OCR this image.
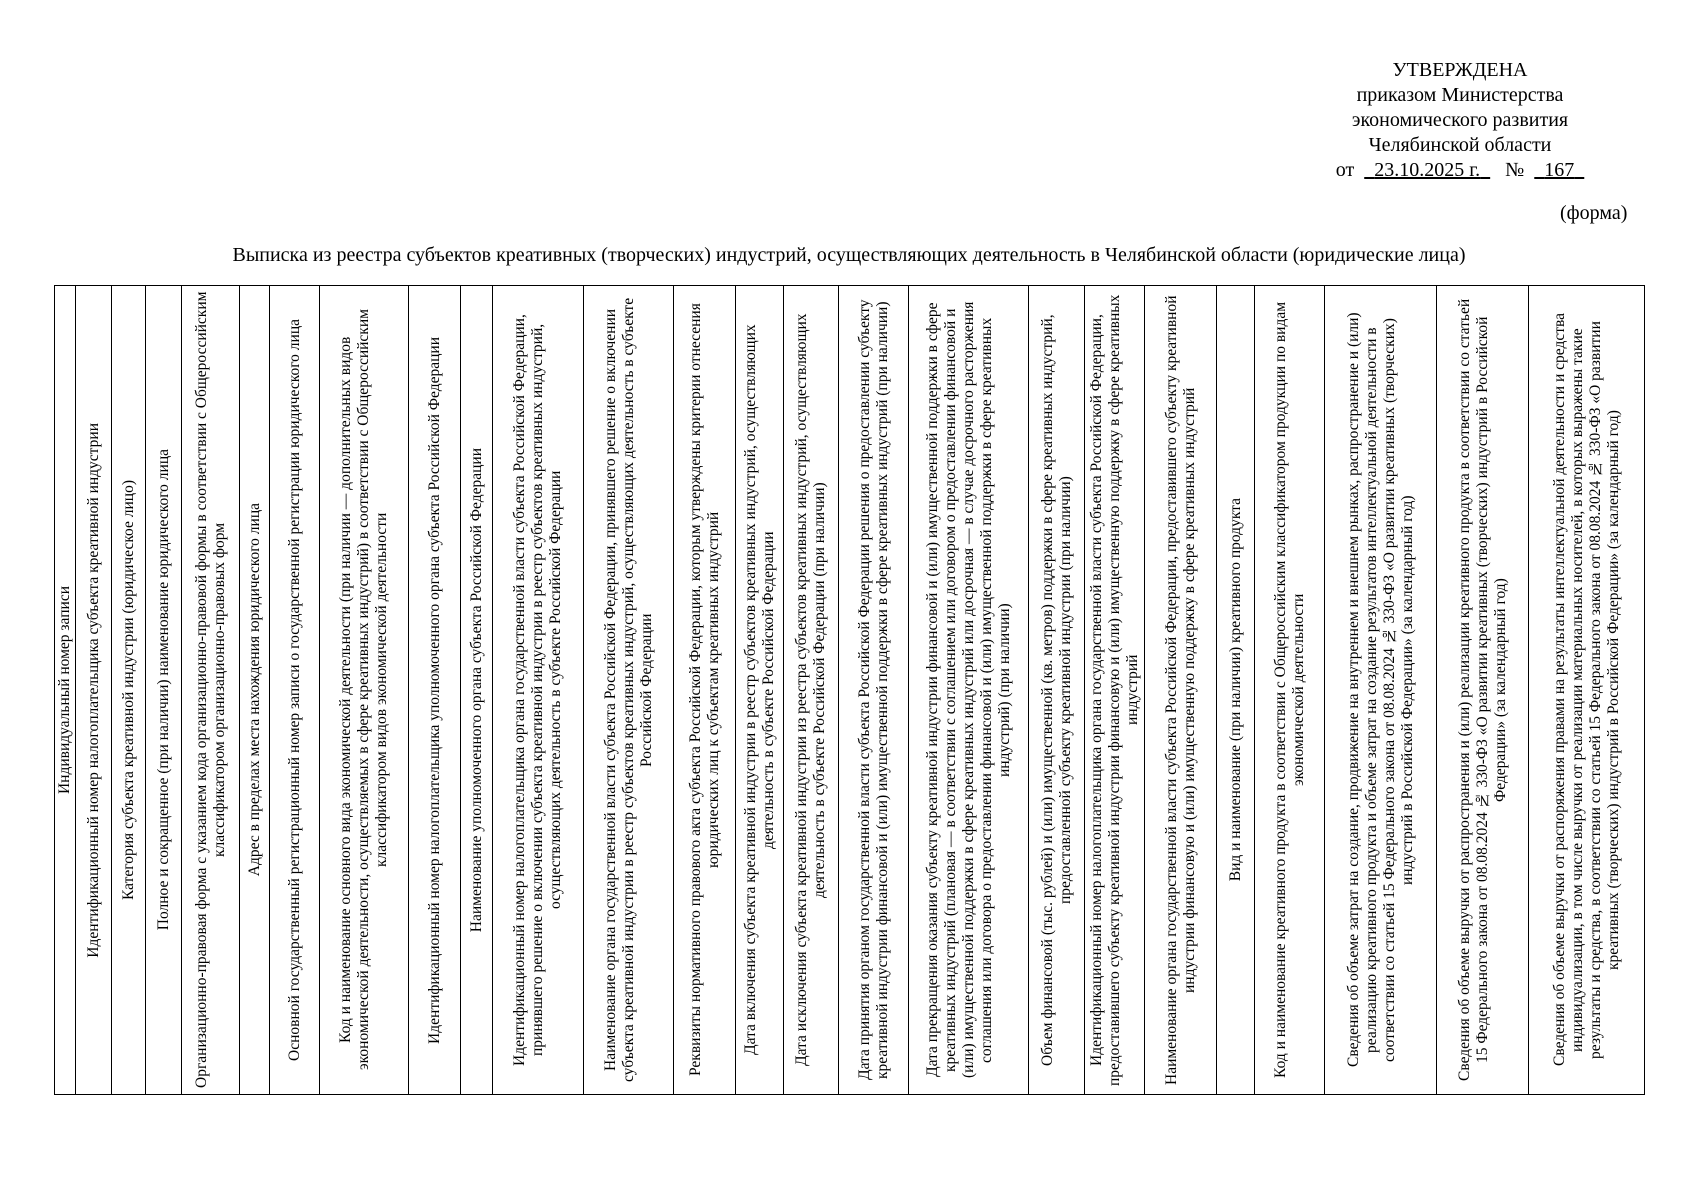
УТВЕРЖДЕНА
приказом Министерства
экономического развития
Челябинской области
от 23.10.2025 г. № 167
(форма)
Выписка из реестра субъектов креативных (творческих) индустрий, осуществляющих деятельность в Челябинской области (юридические лица)
Индивидуальный номер записи	Идентификационный номер налогоплательщика субъекта креативной индустрии	Категория субъекта креативной индустрии (юридическое лицо)	Полное и сокращенное (при наличии) наименование юридического лица	Организационно-правовая форма с указанием кода организационно-правовой формы в соответствии с Общероссийским классификатором организационно-правовых форм	Адрес в пределах места нахождения юридического лица	Основной государственный регистрационный номер записи о государственной регистрации юридического лица	Код и наименование основного вида экономической деятельности (при наличии — дополнительных видов экономической деятельности, осуществляемых в сфере креативных индустрий) в соответствии с Общероссийским классификатором видов экономической деятельности	Идентификационный номер налогоплательщика уполномоченного органа субъекта Российской Федерации	Наименование уполномоченного органа субъекта Российской Федерации	Идентификационный номер налогоплательщика органа государственной власти субъекта Российской Федерации, принявшего решение о включении субъекта креативной индустрии в реестр субъектов креативных индустрий, осуществляющих деятельность в субъекте Российской Федерации	Наименование органа государственной власти субъекта Российской Федерации, принявшего решение о включении субъекта креативной индустрии в реестр субъектов креативных индустрий, осуществляющих деятельность в субъекте Российской Федерации	Реквизиты нормативного правового акта субъекта Российской Федерации, которым утверждены критерии отнесения юридических лиц к субъектам креативных индустрий	Дата включения субъекта креативной индустрии в реестр субъектов креативных индустрий, осуществляющих деятельность в субъекте Российской Федерации	Дата исключения субъекта креативной индустрии из реестра субъектов креативных индустрий, осуществляющих деятельность в субъекте Российской Федерации (при наличии)	Дата принятия органом государственной власти субъекта Российской Федерации решения о предоставлении субъекту креативной индустрии финансовой и (или) имущественной поддержки в сфере креативных индустрий (при наличии)	Дата прекращения оказания субъекту креативной индустрии финансовой и (или) имущественной поддержки в сфере креативных индустрий (плановая — в соответствии с соглашением или договором о предоставлении финансовой и (или) имущественной поддержки в сфере креативных индустрий или досрочная — в случае досрочного расторжения соглашения или договора о предоставлении финансовой и (или) имущественной поддержки в сфере креативных индустрий) (при наличии)	Объем финансовой (тыс. рублей) и (или) имущественной (кв. метров) поддержки в сфере креативных индустрий, предоставленной субъекту креативной индустрии (при наличии)	Идентификационный номер налогоплательщика органа государственной власти субъекта Российской Федерации, предоставившего субъекту креативной индустрии финансовую и (или) имущественную поддержку в сфере креативных индустрий	Наименование органа государственной власти субъекта Российской Федерации, предоставившего субъекту креативной индустрии финансовую и (или) имущественную поддержку в сфере креативных индустрий	Вид и наименование (при наличии) креативного продукта	Код и наименование креативного продукта в соответствии с Общероссийским классификатором продукции по видам экономической деятельности	Сведения об объеме затрат на создание, продвижение на внутреннем и внешнем рынках, распространение и (или) реализацию креативного продукта и объеме затрат на создание результатов интеллектуальной деятельности в соответствии со статьей 15 Федерального закона от 08.08.2024 № 330-ФЗ «О развитии креативных (творческих) индустрий в Российской Федерации» (за календарный год)	Сведения об объеме выручки от распространения и (или) реализации креативного продукта в соответствии со статьей 15 Федерального закона от 08.08.2024 № 330-ФЗ «О развитии креативных (творческих) индустрий в Российской Федерации» (за календарный год)	Сведения об объеме выручки от распоряжения правами на результаты интеллектуальной деятельности и средства индивидуализации, в том числе выручки от реализации материальных носителей, в которых выражены такие результаты и средства, в соответствии со статьей 15 Федерального закона от 08.08.2024 № 330-ФЗ «О развитии креативных (творческих) индустрий в Российской Федерации» (за календарный год)
